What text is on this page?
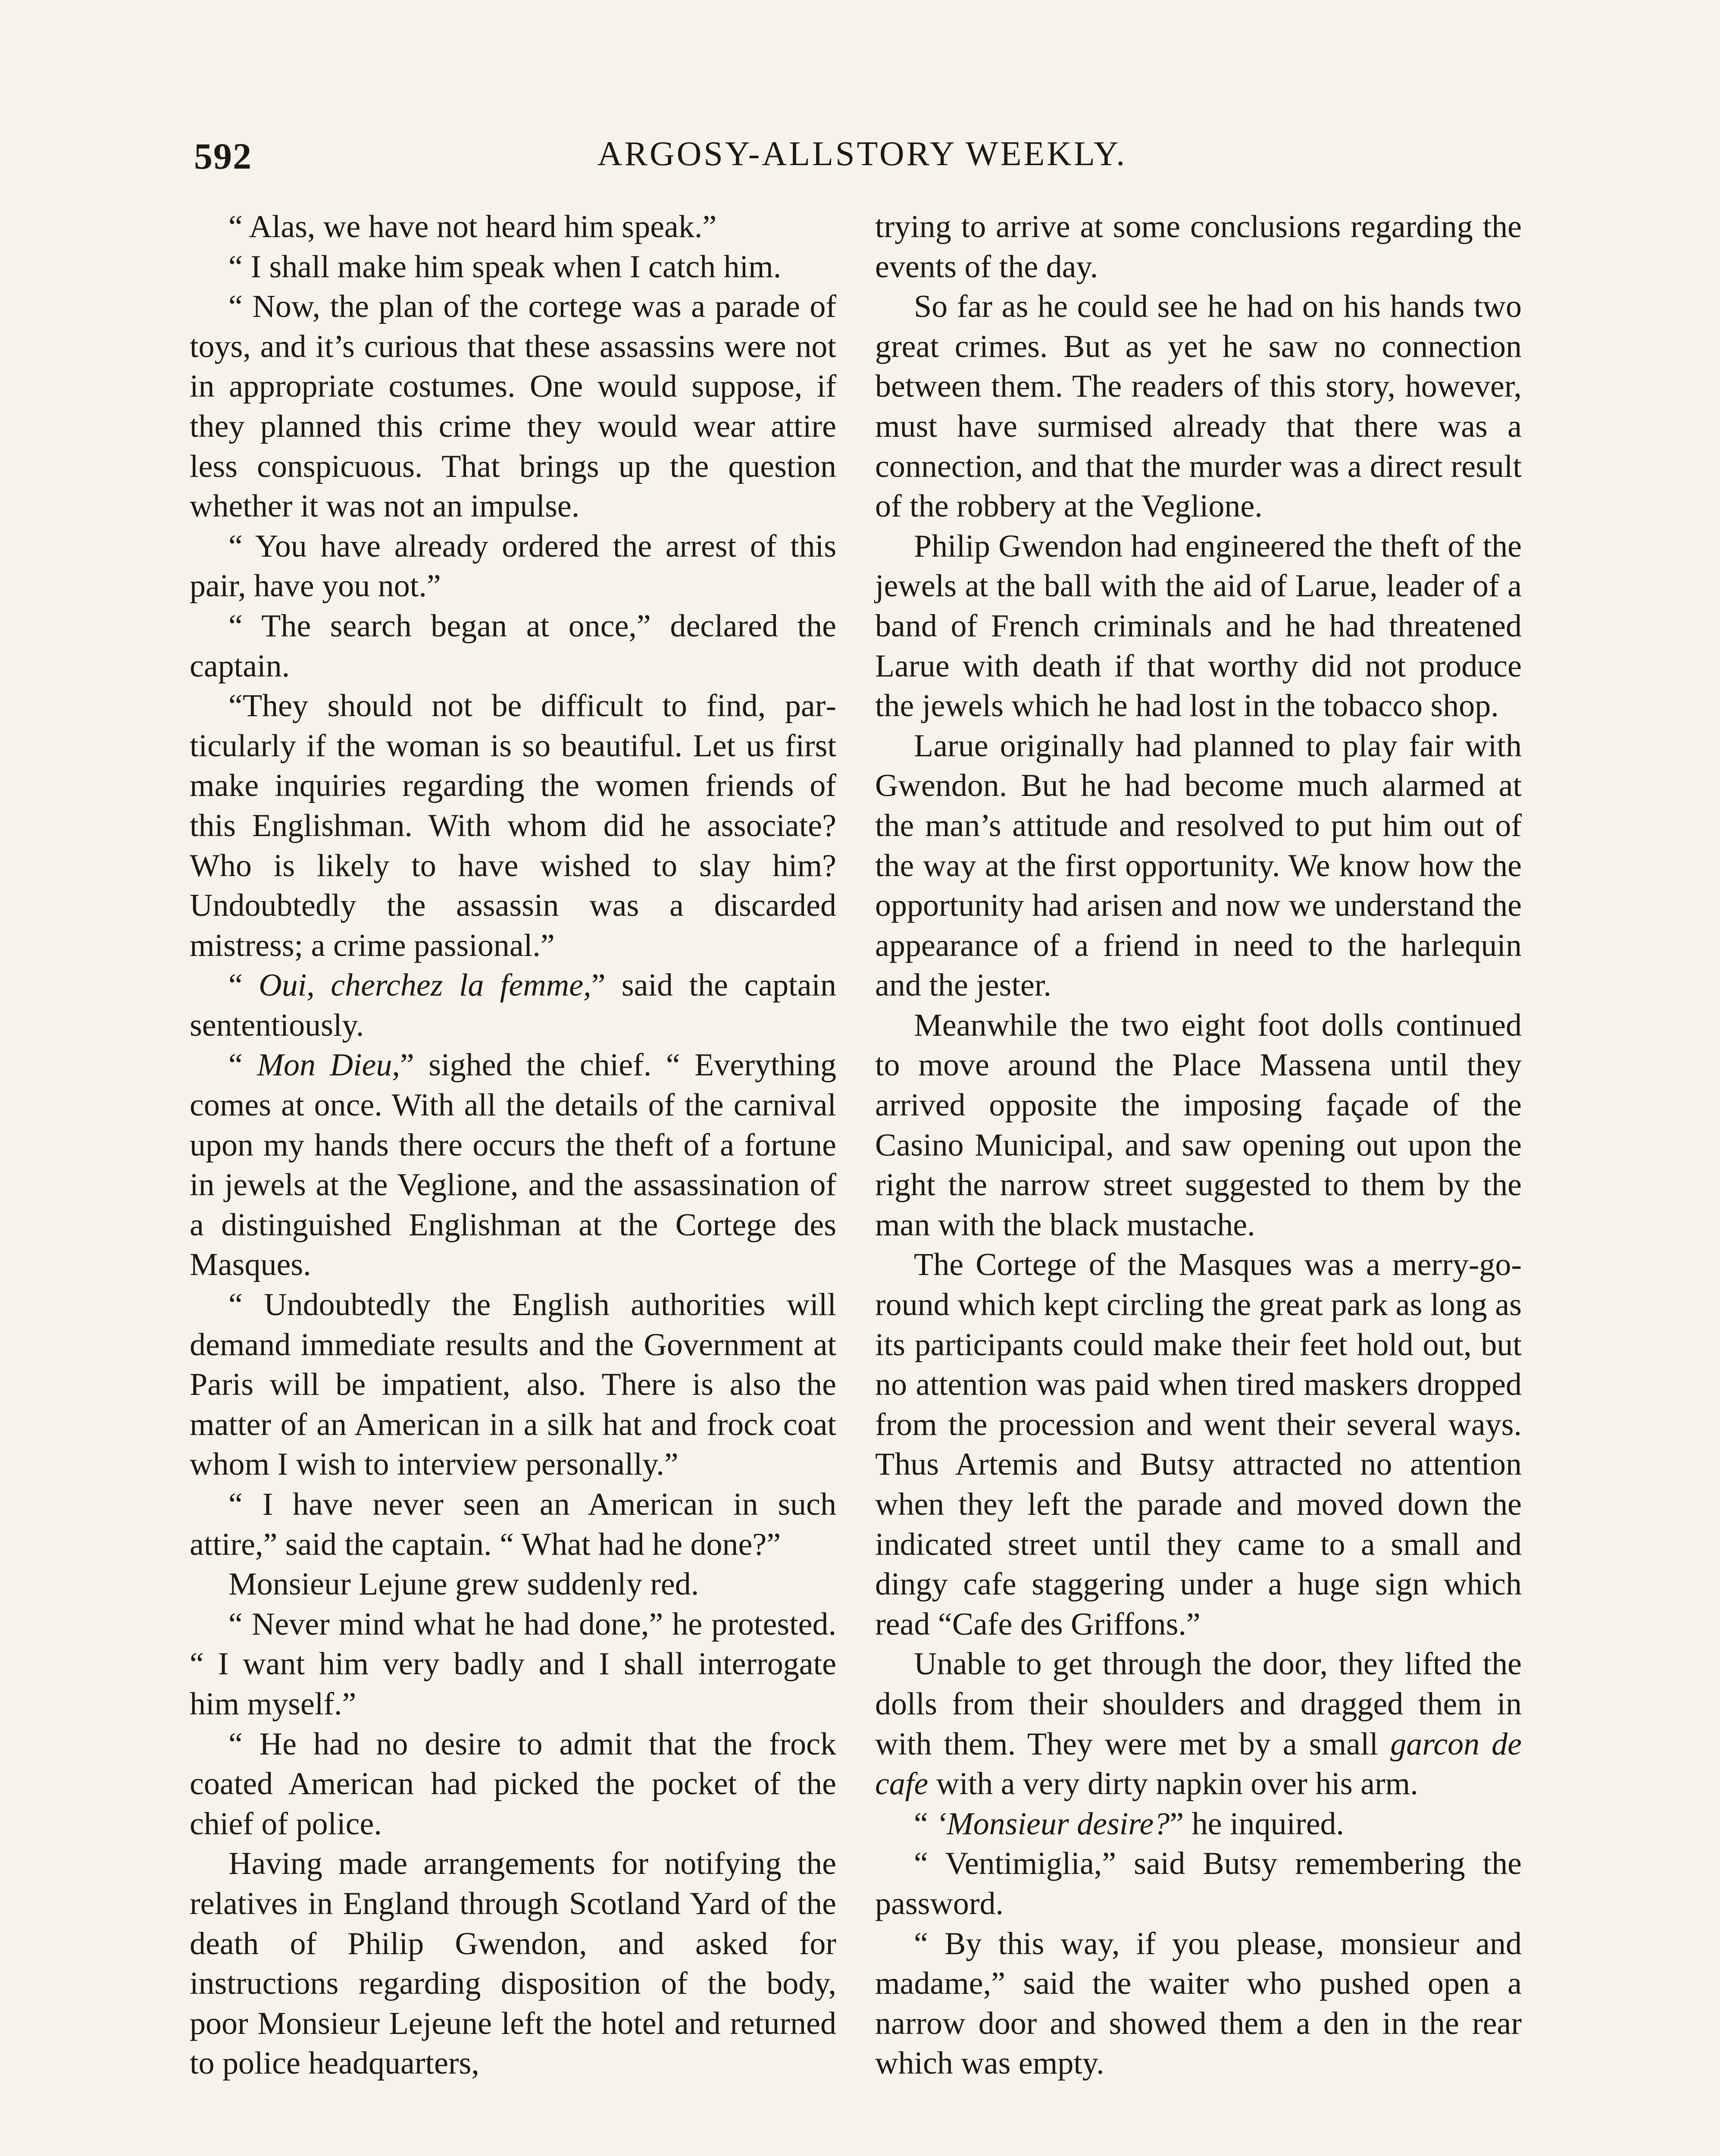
592	ARGOSY-ALLSTORY WEEKLY.

“ Alas, we have not heard him speak.”

“ I shall make him speak when I catch him.

“ Now, the plan of the cortege was a parade of toys, and it’s curious that these assassins were not in appropriate costumes. One would suppose, if they planned this crime they would wear attire less conspicuous. That brings up the question whether it was not an impulse.

“ You have already ordered the arrest of this pair, have you not.”

“ The search began at once,” declared the captain.

“They should not be difficult to find, particularly if the woman is so beautiful. Let us first make inquiries regarding the women friends of this Englishman. With whom did he associate? Who is likely to have wished to slay him? Undoubtedly the assassin was a discarded mistress; a crime passional.”

“ Oui, cherchez la femme,” said the captain sententiously.

“ Mon Dieu,” sighed the chief. “ Everything comes at once. With all the details of the carnival upon my hands there occurs the theft of a fortune in jewels at the Veglione, and the assassination of a distinguished Englishman at the Cortege des Masques.

“ Undoubtedly the English authorities will demand immediate results and the Government at Paris will be impatient, also. There is also the matter of an American in a silk hat and frock coat whom I wish to interview personally.”

“ I have never seen an American in such attire,” said the captain. “ What had he done?”

Monsieur Lejune grew suddenly red.

“ Never mind what he had done,” he protested. “ I want him very badly and I shall interrogate him myself.”

“ He had no desire to admit that the frock coated American had picked the pocket of the chief of police.

Having made arrangements for notifying the relatives in England through Scotland Yard of the death of Philip Gwendon, and asked for instructions regarding disposition of the body, poor Monsieur Lejeune left the hotel and returned to police headquarters,

trying to arrive at some conclusions regarding the events of the day.

So far as he could see he had on his hands two great crimes. But as yet he saw no connection between them. The readers of this story, however, must have surmised already that there was a connection, and that the murder was a direct result of the robbery at the Veglione.

Philip Gwendon had engineered the theft of the jewels at the ball with the aid of Larue, leader of a band of French criminals and he had threatened Larue with death if that worthy did not produce the jewels which he had lost in the tobacco shop.

Larue originally had planned to play fair with Gwendon. But he had become much alarmed at the man’s attitude and resolved to put him out of the way at the first opportunity. We know how the opportunity had arisen and now we understand the appearance of a friend in need to the harlequin and the jester.

Meanwhile the two eight foot dolls continued to move around the Place Massena until they arrived opposite the imposing façade of the Casino Municipal, and saw opening out upon the right the narrow street suggested to them by the man with the black mustache.

The Cortege of the Masques was a merry-go-round which kept circling the great park as long as its participants could make their feet hold out, but no attention was paid when tired maskers dropped from the procession and went their several ways. Thus Artemis and Butsy attracted no attention when they left the parade and moved down the indicated street until they came to a small and dingy cafe staggering under a huge sign which read “Cafe des Griffons.”

Unable to get through the door, they lifted the dolls from their shoulders and dragged them in with them. They were met by a small garcon de cafe with a very dirty napkin over his arm.

“ ‘Monsieur desire?” he inquired.

“ Ventimiglia,” said Butsy remembering the password.

“ By this way, if you please, monsieur and madame,” said the waiter who pushed open a narrow door and showed them a den in the rear which was empty.
